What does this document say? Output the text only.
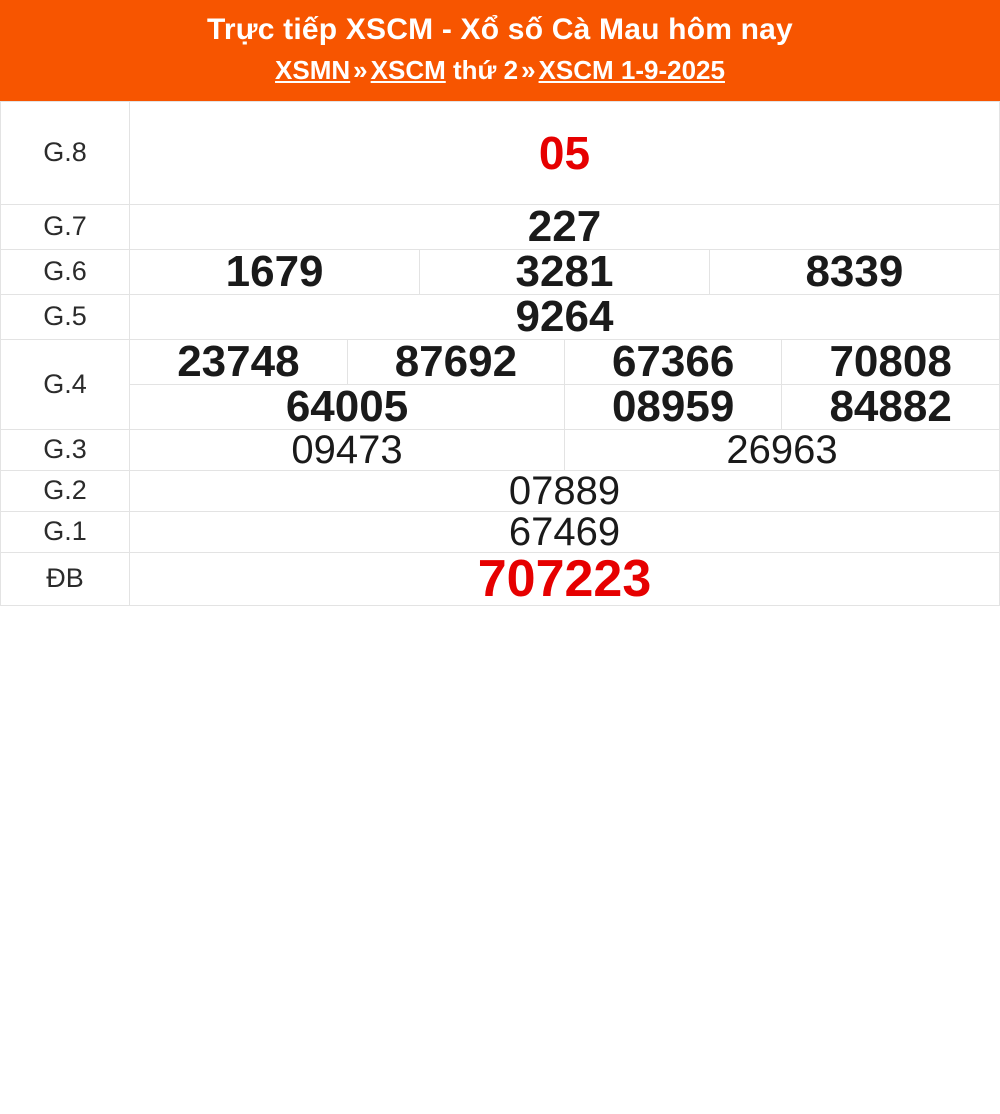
Trực tiếp XSCM - Xổ số Cà Mau hôm nay
XSMN » XSCM thứ 2 » XSCM 1-9-2025
G.8	05
G.7	227
G.6		1679	3281	8339

G.5	9264
G.4	23748	87692	67366	70808
64005	08959	84882

G.3		09473	26963

G.2	07889
G.1	67469
ĐB	707223
